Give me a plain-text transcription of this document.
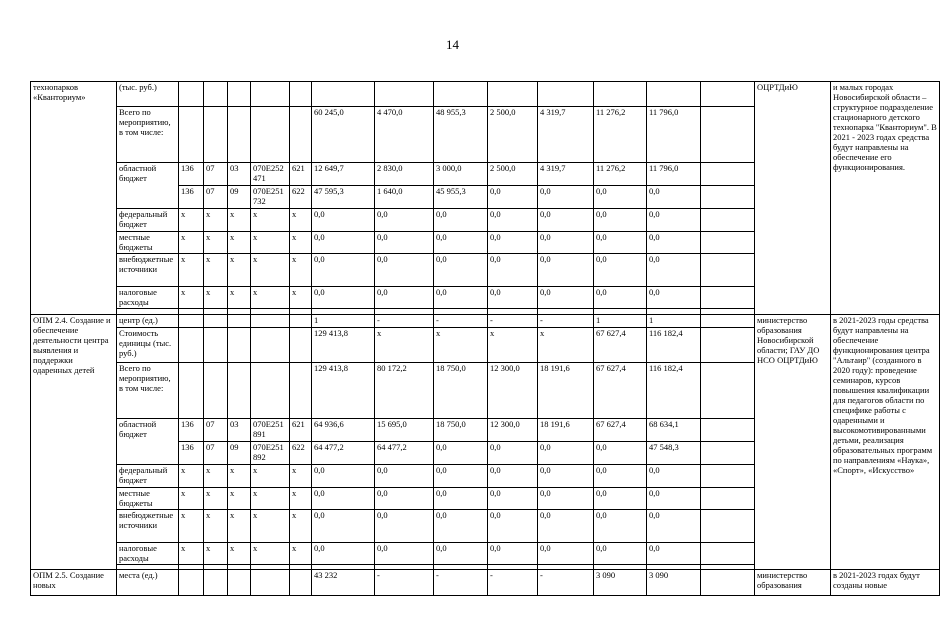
14
технопарков «Кванториум»	(тыс. руб.)														ОЦРТДиЮ	и малых городах Новосибирской области – структурное подразделение стационарного детского технопарка "Кванториум". В 2021 - 2023 годах средства будут направлены на обеспечение его функционирования.
	Всего по мероприятию, в том числе:						60 245,0	4 470,0	48 955,3	2 500,0	4 319,7	11 276,2	11 796,0			
	областной бюджет	136	07	03	070E252471	621	12 649,7	2 830,0	3 000,0	2 500,0	4 319,7	11 276,2	11 796,0			
		136	07	09	070E251732	622	47 595,3	1 640,0	45 955,3	0,0	0,0	0,0	0,0			
	федеральный бюджет	х	х	х	х	х	0,0	0,0	0,0	0,0	0,0	0,0	0,0			
	местные бюджеты	х	х	х	х	х	0,0	0,0	0,0	0,0	0,0	0,0	0,0			
	внебюджетные источники	х	х	х	х	х	0,0	0,0	0,0	0,0	0,0	0,0	0,0			
	налоговые расходы	х	х	х	х	х	0,0	0,0	0,0	0,0	0,0	0,0	0,0			

ОПМ 2.4. Создание и обеспечение деятельности центра выявления и поддержки одаренных детей	центр (ед.)						1	-	-	-	-	1	1		министерство образования Новосибирской области; ГАУ ДО НСО ОЦРТДиЮ	в 2021-2023 годы средства будут направлены на обеспечение функционирования центра "Альтаир" (созданного в 2020 году): проведение семинаров, курсов повышения квалификации для педагогов области по специфике работы с одаренными и высокомотивированными детьми, реализация образовательных программ по направлениям «Наука», «Спорт», «Искусство»
	Стоимость единицы (тыс. руб.)						129 413,8	х	х	х	х	67 627,4	116 182,4			
	Всего по мероприятию, в том числе:						129 413,8	80 172,2	18 750,0	12 300,0	18 191,6	67 627,4	116 182,4			
	областной бюджет	136	07	03	070E251891	621	64 936,6	15 695,0	18 750,0	12 300,0	18 191,6	67 627,4	68 634,1			
		136	07	09	070E251892	622	64 477,2	64 477,2	0,0	0,0	0,0	0,0	47 548,3			
	федеральный бюджет	х	х	х	х	х	0,0	0,0	0,0	0,0	0,0	0,0	0,0			
	местные бюджеты	х	х	х	х	х	0,0	0,0	0,0	0,0	0,0	0,0	0,0			
	внебюджетные источники	х	х	х	х	х	0,0	0,0	0,0	0,0	0,0	0,0	0,0			
	налоговые расходы	х	х	х	х	х	0,0	0,0	0,0	0,0	0,0	0,0	0,0			

ОПМ 2.5. Создание новых	места (ед.)						43 232	-	-	-	-	3 090	3 090		министерство образования	в 2021-2023 годах будут созданы новые
